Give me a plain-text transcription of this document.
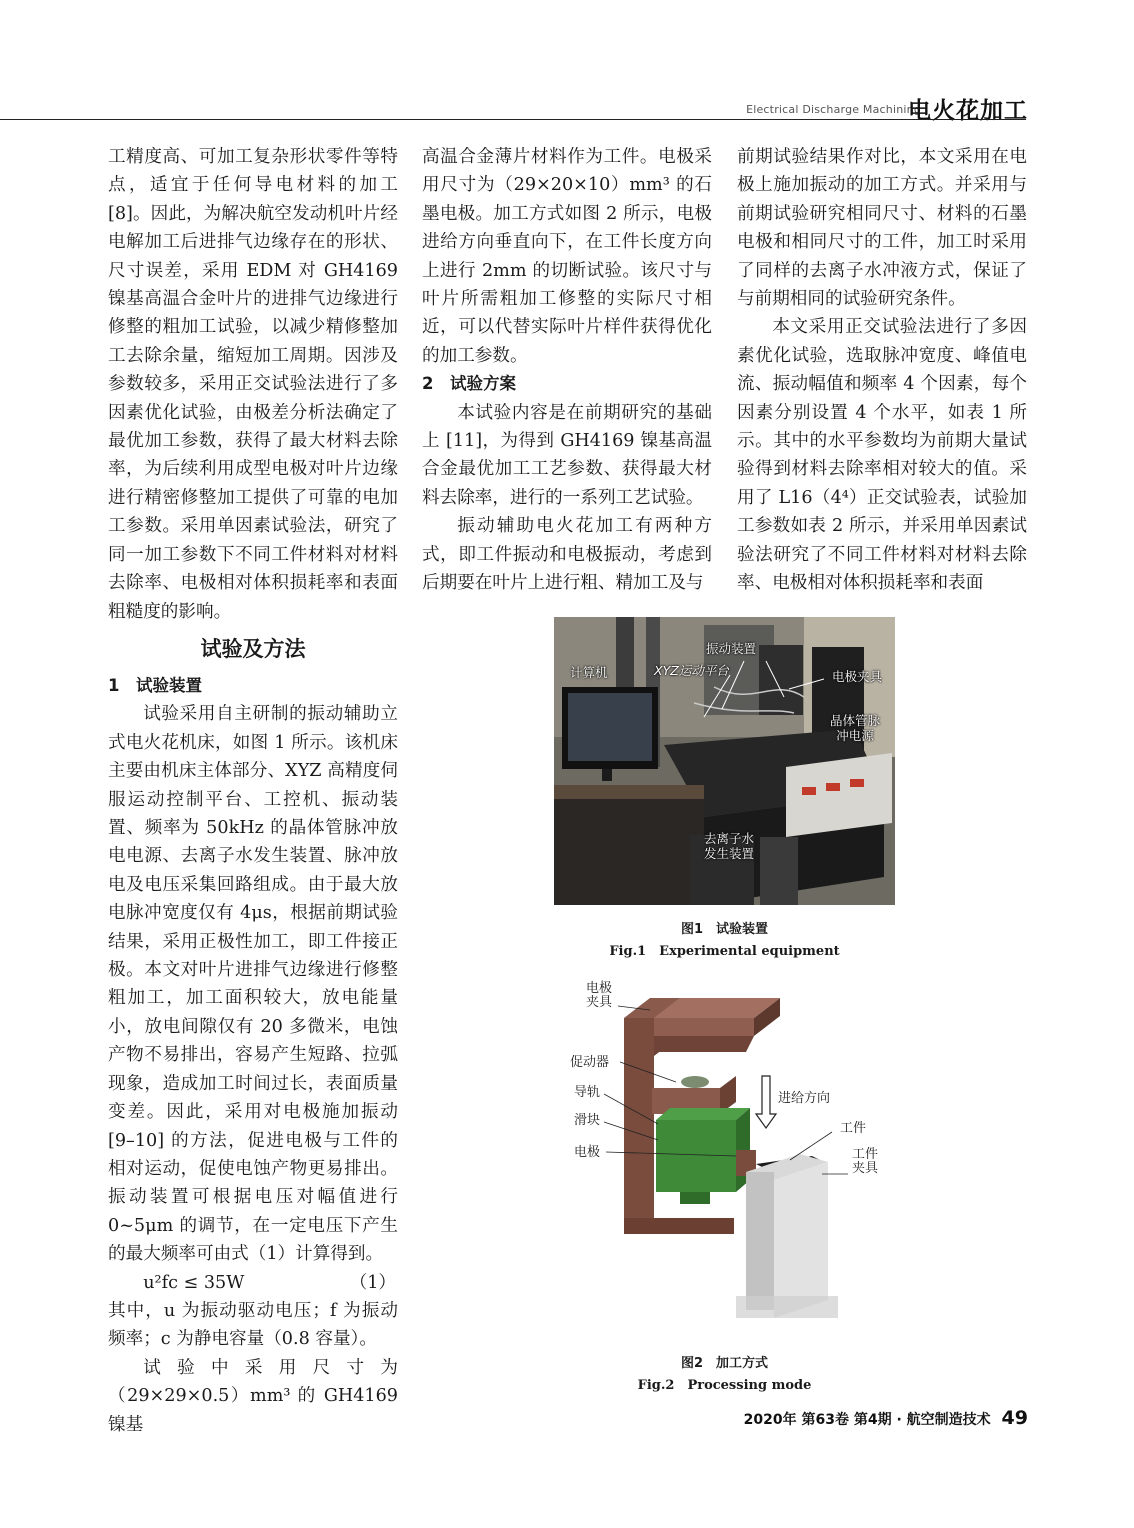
Electrical Discharge Machining
电火花加工

工精度高、可加工复杂形状零件等特点，适宜于任何导电材料的加工 [8]。因此，为解决航空发动机叶片经电解加工后进排气边缘存在的形状、尺寸误差，采用 EDM 对 GH4169 镍基高温合金叶片的进排气边缘进行修整的粗加工试验，以减少精修整加工去除余量，缩短加工周期。因涉及参数较多，采用正交试验法进行了多因素优化试验，由极差分析法确定了最优加工参数，获得了最大材料去除率，为后续利用成型电极对叶片边缘进行精密修整加工提供了可靠的电加工参数。采用单因素试验法，研究了同一加工参数下不同工件材料对材料去除率、电极相对体积损耗率和表面粗糙度的影响。

试验及方法

1　试验装置

试验采用自主研制的振动辅助立式电火花机床，如图 1 所示。该机床主要由机床主体部分、XYZ 高精度伺服运动控制平台、工控机、振动装置、频率为 50kHz 的晶体管脉冲放电电源、去离子水发生装置、脉冲放电及电压采集回路组成。由于最大放电脉冲宽度仅有 4μs，根据前期试验结果，采用正极性加工，即工件接正极。本文对叶片进排气边缘进行修整粗加工，加工面积较大，放电能量小，放电间隙仅有 20 多微米，电蚀产物不易排出，容易产生短路、拉弧现象，造成加工时间过长，表面质量变差。因此，采用对电极施加振动 [9–10] 的方法，促进电极与工件的相对运动，促使电蚀产物更易排出。振动装置可根据电压对幅值进行 0~5μm 的调节，在一定电压下产生的最大频率可由式（1）计算得到。

u²fc ≤ 35W	（1）

其中，u 为振动驱动电压；f 为振动频率；c 为静电容量（0.8 容量）。

试 验 中 采 用 尺 寸 为

（29×29×0.5）mm³ 的 GH4169 镍基

高温合金薄片材料作为工件。电极采用尺寸为（29×20×10）mm³ 的石墨电极。加工方式如图 2 所示，电极进给方向垂直向下，在工件长度方向上进行 2mm 的切断试验。该尺寸与叶片所需粗加工修整的实际尺寸相近，可以代替实际叶片样件获得优化的加工参数。

2　试验方案

本试验内容是在前期研究的基础上 [11]，为得到 GH4169 镍基高温合金最优加工工艺参数、获得最大材料去除率，进行的一系列工艺试验。

振动辅助电火花加工有两种方式，即工件振动和电极振动，考虑到后期要在叶片上进行粗、精加工及与

前期试验结果作对比，本文采用在电极上施加振动的加工方式。并采用与前期试验研究相同尺寸、材料的石墨电极和相同尺寸的工件，加工时采用了同样的去离子水冲液方式，保证了与前期相同的试验研究条件。

本文采用正交试验法进行了多因素优化试验，选取脉冲宽度、峰值电流、振动幅值和频率 4 个因素，每个因素分别设置 4 个水平，如表 1 所示。其中的水平参数均为前期大量试验得到材料去除率相对较大的值。采用了 L16（4⁴）正交试验表，试验加工参数如表 2 所示，并采用单因素试验法研究了不同工件材料对材料去除率、电极相对体积损耗率和表面

计算机	XYZ运动平台
振动装置
电极夹具
晶体管脉
冲电源
去离子水
发生装置
图1　试验装置
Fig.1　Experimental equipment
电极
夹具
促动器
导轨
滑块
电极
进给方向
工件
工件
夹具
图2　加工方式
Fig.2　Processing mode
2020年 第63卷 第4期 · 航空制造技术 49
